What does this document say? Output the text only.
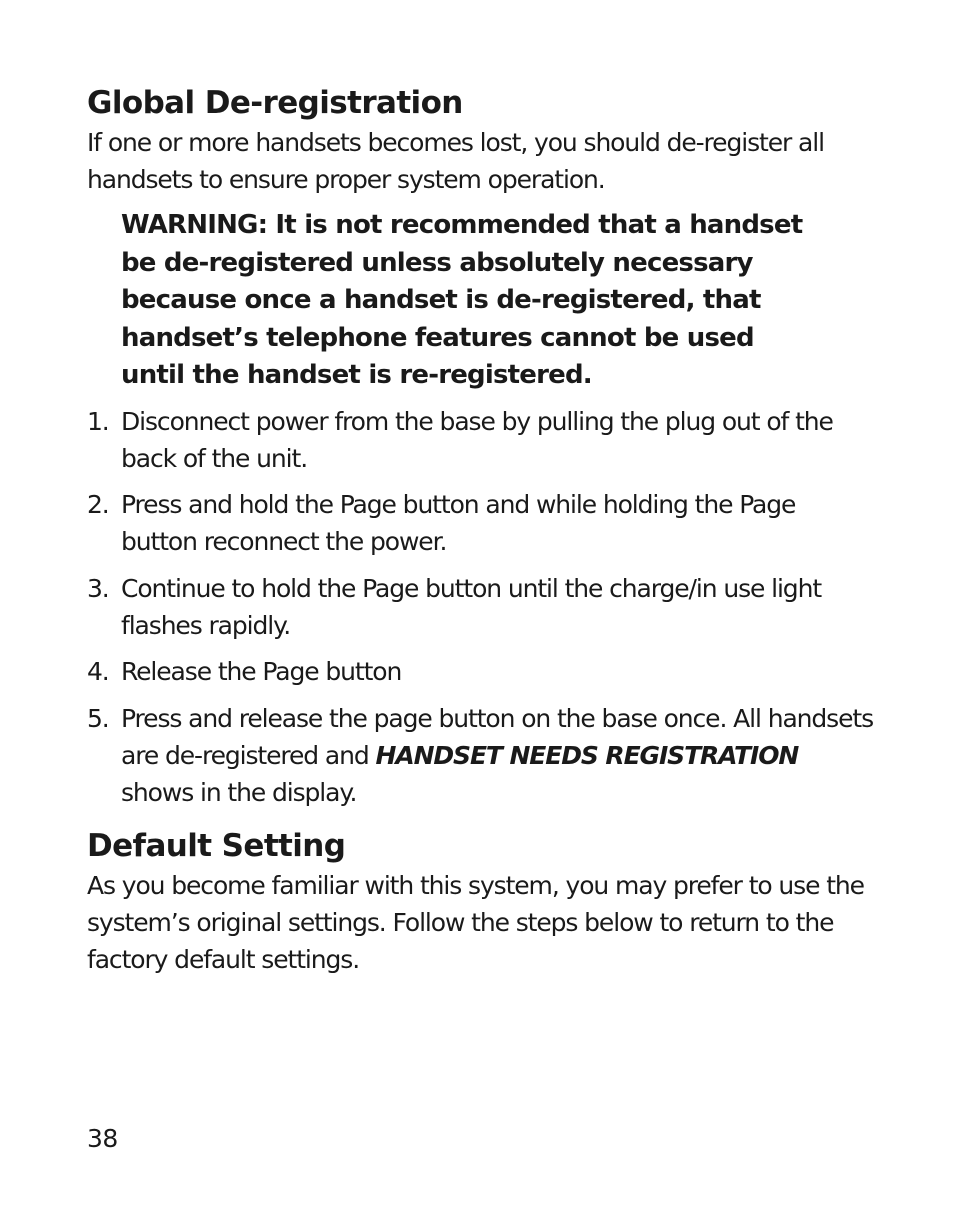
Global De-registration

If one or more handsets becomes lost, you should de-register all handsets to ensure proper system operation.

WARNING: It is not recommended that a handset be de-registered unless absolutely necessary because once a handset is de-registered, that handset’s telephone features cannot be used until the handset is re-registered.
1. Disconnect power from the base by pulling the plug out of the back of the unit.
2. Press and hold the Page button and while holding the Page button reconnect the power.
3. Continue to hold the Page button until the charge/in use light flashes rapidly.
4. Release the Page button
5. Press and release the page button on the base once. All handsets are de-registered and HANDSET NEEDS REGISTRATION shows in the display.
Default Setting

As you become familiar with this system, you may prefer to use the system’s original settings. Follow the steps below to return to the factory default settings.

38
